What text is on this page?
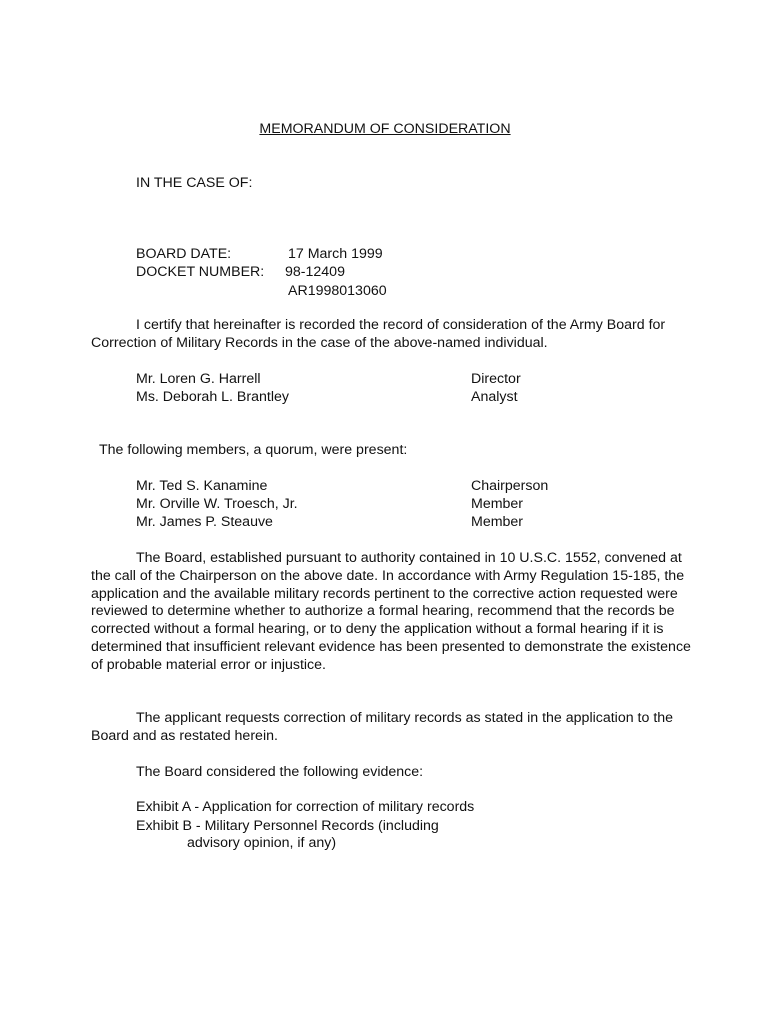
MEMORANDUM OF CONSIDERATION
IN THE CASE OF:
BOARD DATE:	17 March 1999
DOCKET NUMBER: 98-12409
AR1998013060
I certify that hereinafter is recorded the record of consideration of the Army Board for Correction of Military Records in the case of the above-named individual.
Mr. Loren G. Harrell	Director
Ms. Deborah L. Brantley	Analyst
The following members, a quorum, were present:
Mr. Ted S. Kanamine	Chairperson
Mr. Orville W. Troesch, Jr.	Member
Mr. James P. Steauve	Member
The Board, established pursuant to authority contained in 10 U.S.C. 1552, convened at the call of the Chairperson on the above date. In accordance with Army Regulation 15-185, the application and the available military records pertinent to the corrective action requested were reviewed to determine whether to authorize a formal hearing, recommend that the records be corrected without a formal hearing, or to deny the application without a formal hearing if it is determined that insufficient relevant evidence has been presented to demonstrate the existence of probable material error or injustice.
The applicant requests correction of military records as stated in the application to the Board and as restated herein.
The Board considered the following evidence:
Exhibit A - Application for correction of military records
Exhibit B - Military Personnel Records (including
advisory opinion, if any)
